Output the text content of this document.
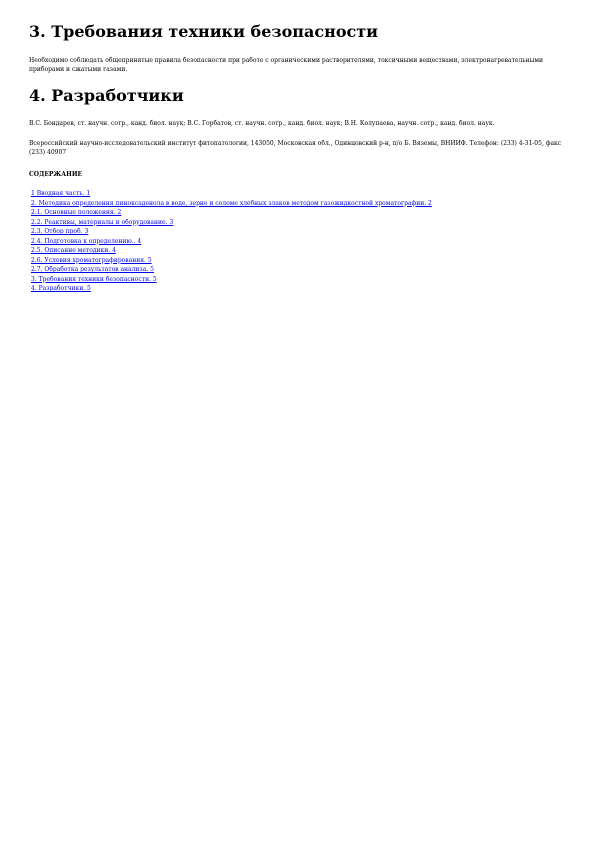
3. Требования техники безопасности

Необходимо соблюдать общепринятые правила безопасности при работе с органическими растворителями, токсичными веществами, электронагревательными приборами и сжатыми газами.

4. Разработчики

В.С. Бондарев, ст. научн. сотр., канд. биол. наук; В.С. Горбатов, ст. научн. сотр., канд. биол. наук; В.Н. Колупаева, научн. сотр., канд. биол. наук.

Всероссийский научно-исследовательский институт фитопатологии, 143050, Московская обл., Одинцовский р-н, п/о Б. Вяземы, ВНИИФ. Телефон: (233) 4-31-05, факс (233) 40907

СОДЕРЖАНИЕ
1 Вводная часть. 1
2. Методика определения пиноксаденола в воде, зерне и соломе хлебных злаков методом газожидкостной хроматографии. 2
2.1. Основные положения. 2
2.2. Реактивы, материалы и оборудование. 3
2.3. Отбор проб. 3
2.4. Подготовка к определению.. 4
2.5. Описание методики. 4
2.6. Условия хроматографирования. 5
2.7. Обработка результатов анализа. 5
3. Требования техники безопасности. 5
4. Разработчики. 5
